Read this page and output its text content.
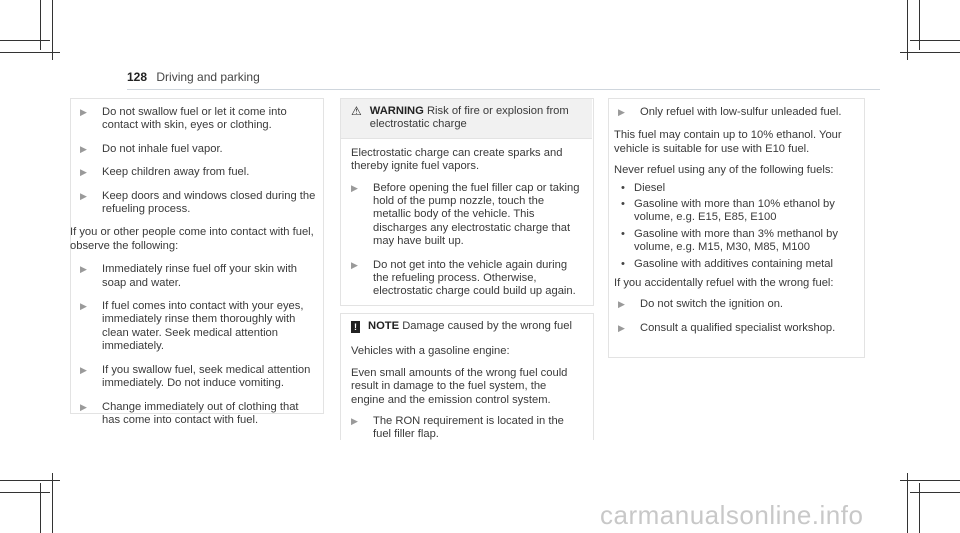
128 Driving and parking
▶	Do not swallow fuel or let it come into contact with skin, eyes or clothing.
▶	Do not inhale fuel vapor.
▶	Keep children away from fuel.
▶	Keep doors and windows closed during the refueling process.

If you or other people come into contact with fuel, observe the following:

▶	Immediately rinse fuel off your skin with soap and water.
▶	If fuel comes into contact with your eyes, immediately rinse them thoroughly with clean water. Seek medical attention immediately.
▶	If you swallow fuel, seek medical attention immediately. Do not induce vomiting.
▶	Change immediately out of clothing that has come into contact with fuel.
⚠ WARNING Risk of fire or explosion from electrostatic charge

Electrostatic charge can create sparks and thereby ignite fuel vapors.

▶	Before opening the fuel filler cap or taking hold of the pump nozzle, touch the metallic body of the vehicle. This discharges any electrostatic charge that may have built up.
▶	Do not get into the vehicle again during the refueling process. Otherwise, electrostatic charge could build up again.
! NOTE Damage caused by the wrong fuel

Vehicles with a gasoline engine:

Even small amounts of the wrong fuel could result in damage to the fuel system, the engine and the emission control system.

▶	The RON requirement is located in the fuel filler flap.
▶	Only refuel with low-sulfur unleaded fuel.

This fuel may contain up to 10% ethanol. Your vehicle is suitable for use with E10 fuel.

Never refuel using any of the following fuels:

• Diesel
• Gasoline with more than 10% ethanol by volume, e.g. E15, E85, E100
• Gasoline with more than 3% methanol by volume, e.g. M15, M30, M85, M100
• Gasoline with additives containing metal

If you accidentally refuel with the wrong fuel:

▶	Do not switch the ignition on.
▶	Consult a qualified specialist workshop.
carmanualsonline.info
